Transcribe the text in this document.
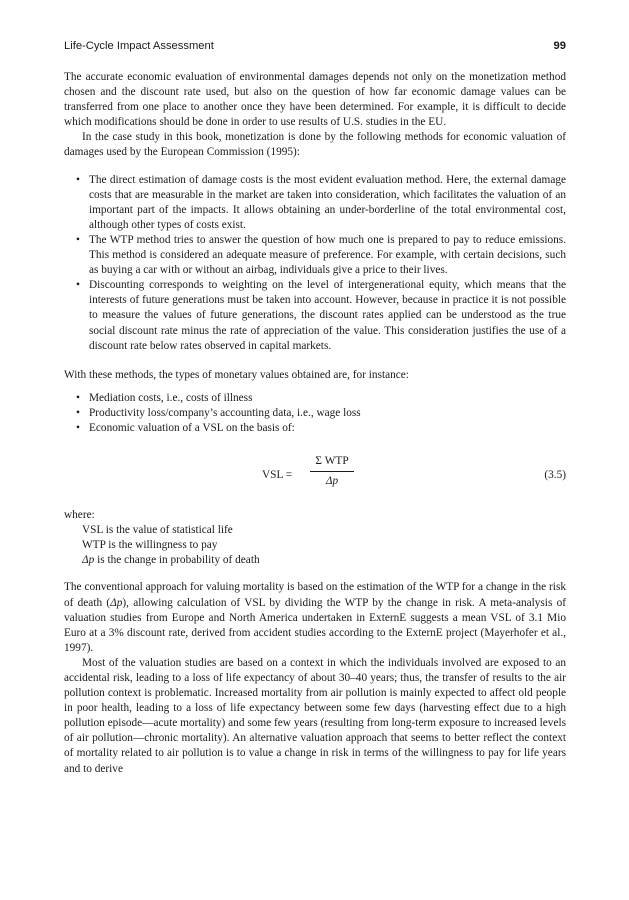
Life-Cycle Impact Assessment	99

The accurate economic evaluation of environmental damages depends not only on the monetization method chosen and the discount rate used, but also on the question of how far economic damage values can be transferred from one place to another once they have been determined. For example, it is difficult to decide which modifications should be done in order to use results of U.S. studies in the EU.

In the case study in this book, monetization is done by the following methods for economic valuation of damages used by the European Commission (1995):

• The direct estimation of damage costs is the most evident evaluation method. Here, the external damage costs that are measurable in the market are taken into consideration, which facilitates the valuation of an important part of the impacts. It allows obtaining an under-borderline of the total environmental cost, although other types of costs exist.
• The WTP method tries to answer the question of how much one is prepared to pay to reduce emissions. This method is considered an adequate measure of preference. For example, with certain decisions, such as buying a car with or without an airbag, individuals give a price to their lives.
• Discounting corresponds to weighting on the level of intergenerational equity, which means that the interests of future generations must be taken into account. However, because in practice it is not possible to measure the values of future generations, the discount rates applied can be understood as the true social discount rate minus the rate of appreciation of the value. This consideration justifies the use of a discount rate below rates observed in capital markets.

With these methods, the types of monetary values obtained are, for instance:

• Mediation costs, i.e., costs of illness
• Productivity loss/company’s accounting data, i.e., wage loss
• Economic valuation of a VSL on the basis of:
VSL =
Σ WTP
Δp
(3.5)
where:
VSL is the value of statistical life
WTP is the willingness to pay
Δp is the change in probability of death

The conventional approach for valuing mortality is based on the estimation of the WTP for a change in the risk of death (Δp), allowing calculation of VSL by dividing the WTP by the change in risk. A meta-analysis of valuation studies from Europe and North America undertaken in ExternE suggests a mean VSL of 3.1 Mio Euro at a 3% discount rate, derived from accident studies according to the ExternE project (Mayerhofer et al., 1997).

Most of the valuation studies are based on a context in which the individuals involved are exposed to an accidental risk, leading to a loss of life expectancy of about 30–40 years; thus, the transfer of results to the air pollution context is problematic. Increased mortality from air pollution is mainly expected to affect old people in poor health, leading to a loss of life expectancy between some few days (harvesting effect due to a high pollution episode—acute mortality) and some few years (resulting from long-term exposure to increased levels of air pollution—chronic mortality). An alternative valuation approach that seems to better reflect the context of mortality related to air pollution is to value a change in risk in terms of the willingness to pay for life years and to derive
